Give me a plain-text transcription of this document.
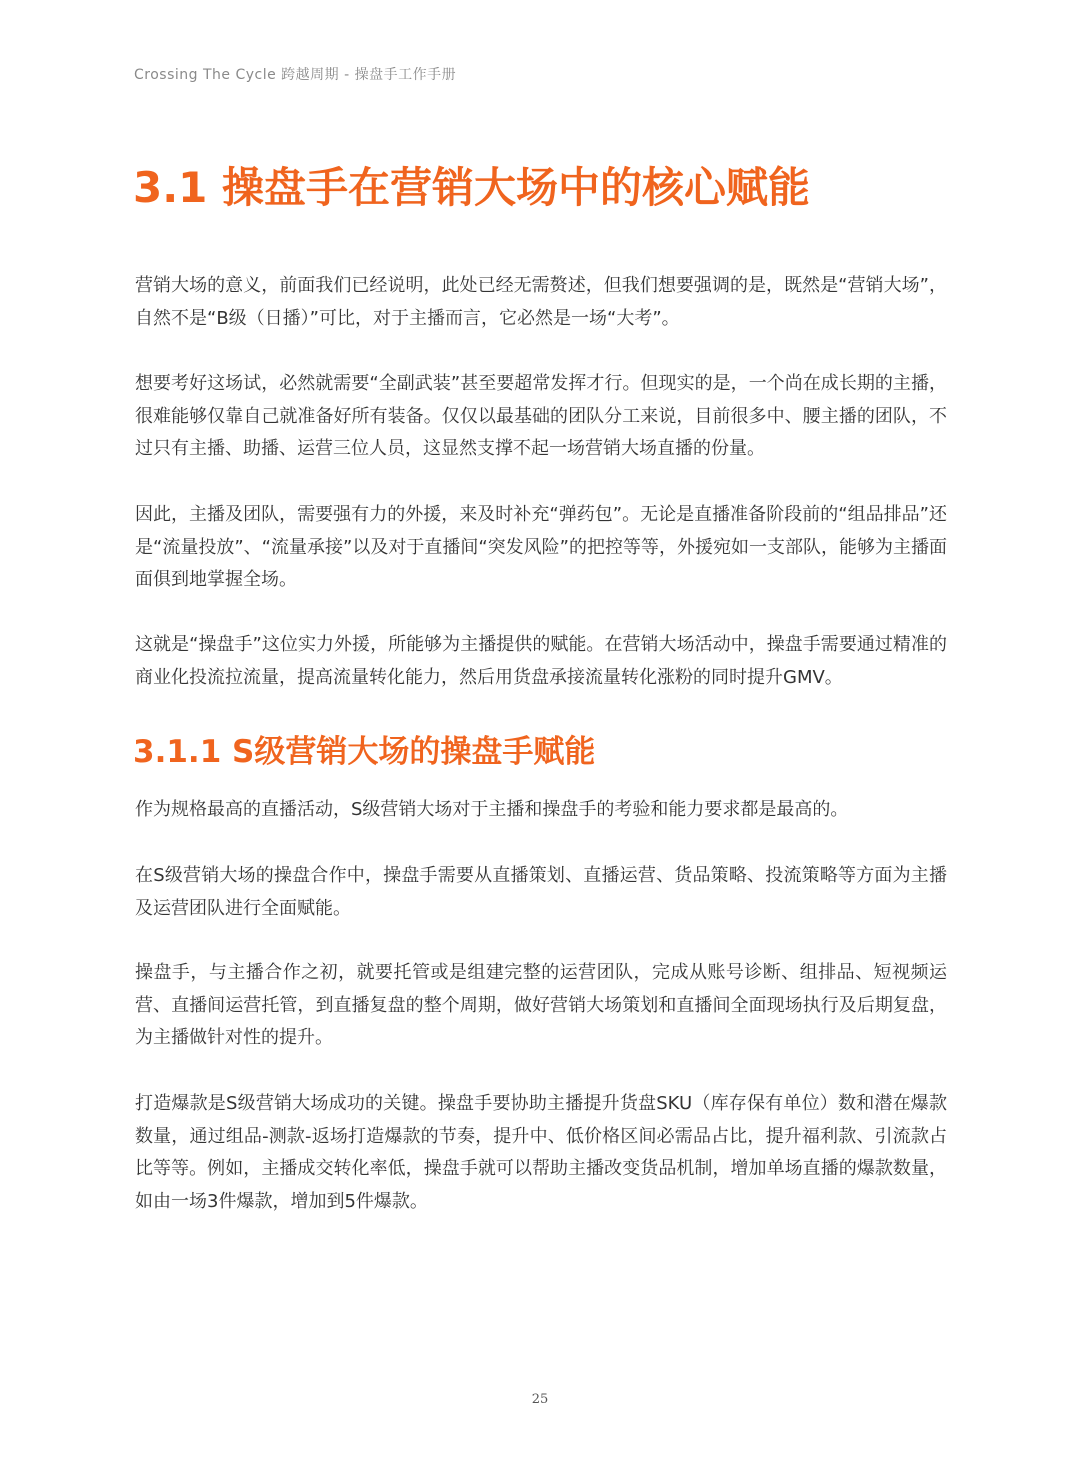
Crossing The Cycle 跨越周期 - 操盘手工作手册
3.1 操盘手在营销大场中的核心赋能

营销大场的意义，前面我们已经说明，此处已经无需赘述，但我们想要强调的是，既然是“营销大场”，自然不是“B级（日播）”可比，对于主播而言，它必然是一场“大考”。

想要考好这场试，必然就需要“全副武装”甚至要超常发挥才行。但现实的是，一个尚在成长期的主播，很难能够仅靠自己就准备好所有装备。仅仅以最基础的团队分工来说，目前很多中、腰主播的团队，不过只有主播、助播、运营三位人员，这显然支撑不起一场营销大场直播的份量。

因此，主播及团队，需要强有力的外援，来及时补充“弹药包”。无论是直播准备阶段前的“组品排品”还是“流量投放”、“流量承接”以及对于直播间“突发风险”的把控等等，外援宛如一支部队，能够为主播面面俱到地掌握全场。

这就是“操盘手”这位实力外援，所能够为主播提供的赋能。在营销大场活动中，操盘手需要通过精准的商业化投流拉流量，提高流量转化能力，然后用货盘承接流量转化涨粉的同时提升GMV。

3.1.1 S级营销大场的操盘手赋能

作为规格最高的直播活动，S级营销大场对于主播和操盘手的考验和能力要求都是最高的。

在S级营销大场的操盘合作中，操盘手需要从直播策划、直播运营、货品策略、投流策略等方面为主播及运营团队进行全面赋能。

操盘手，与主播合作之初，就要托管或是组建完整的运营团队，完成从账号诊断、组排品、短视频运营、直播间运营托管，到直播复盘的整个周期，做好营销大场策划和直播间全面现场执行及后期复盘，为主播做针对性的提升。

打造爆款是S级营销大场成功的关键。操盘手要协助主播提升货盘SKU（库存保有单位）数和潜在爆款数量，通过组品-测款-返场打造爆款的节奏，提升中、低价格区间必需品占比，提升福利款、引流款占比等等。例如，主播成交转化率低，操盘手就可以帮助主播改变货品机制，增加单场直播的爆款数量，如由一场3件爆款，增加到5件爆款。

25
